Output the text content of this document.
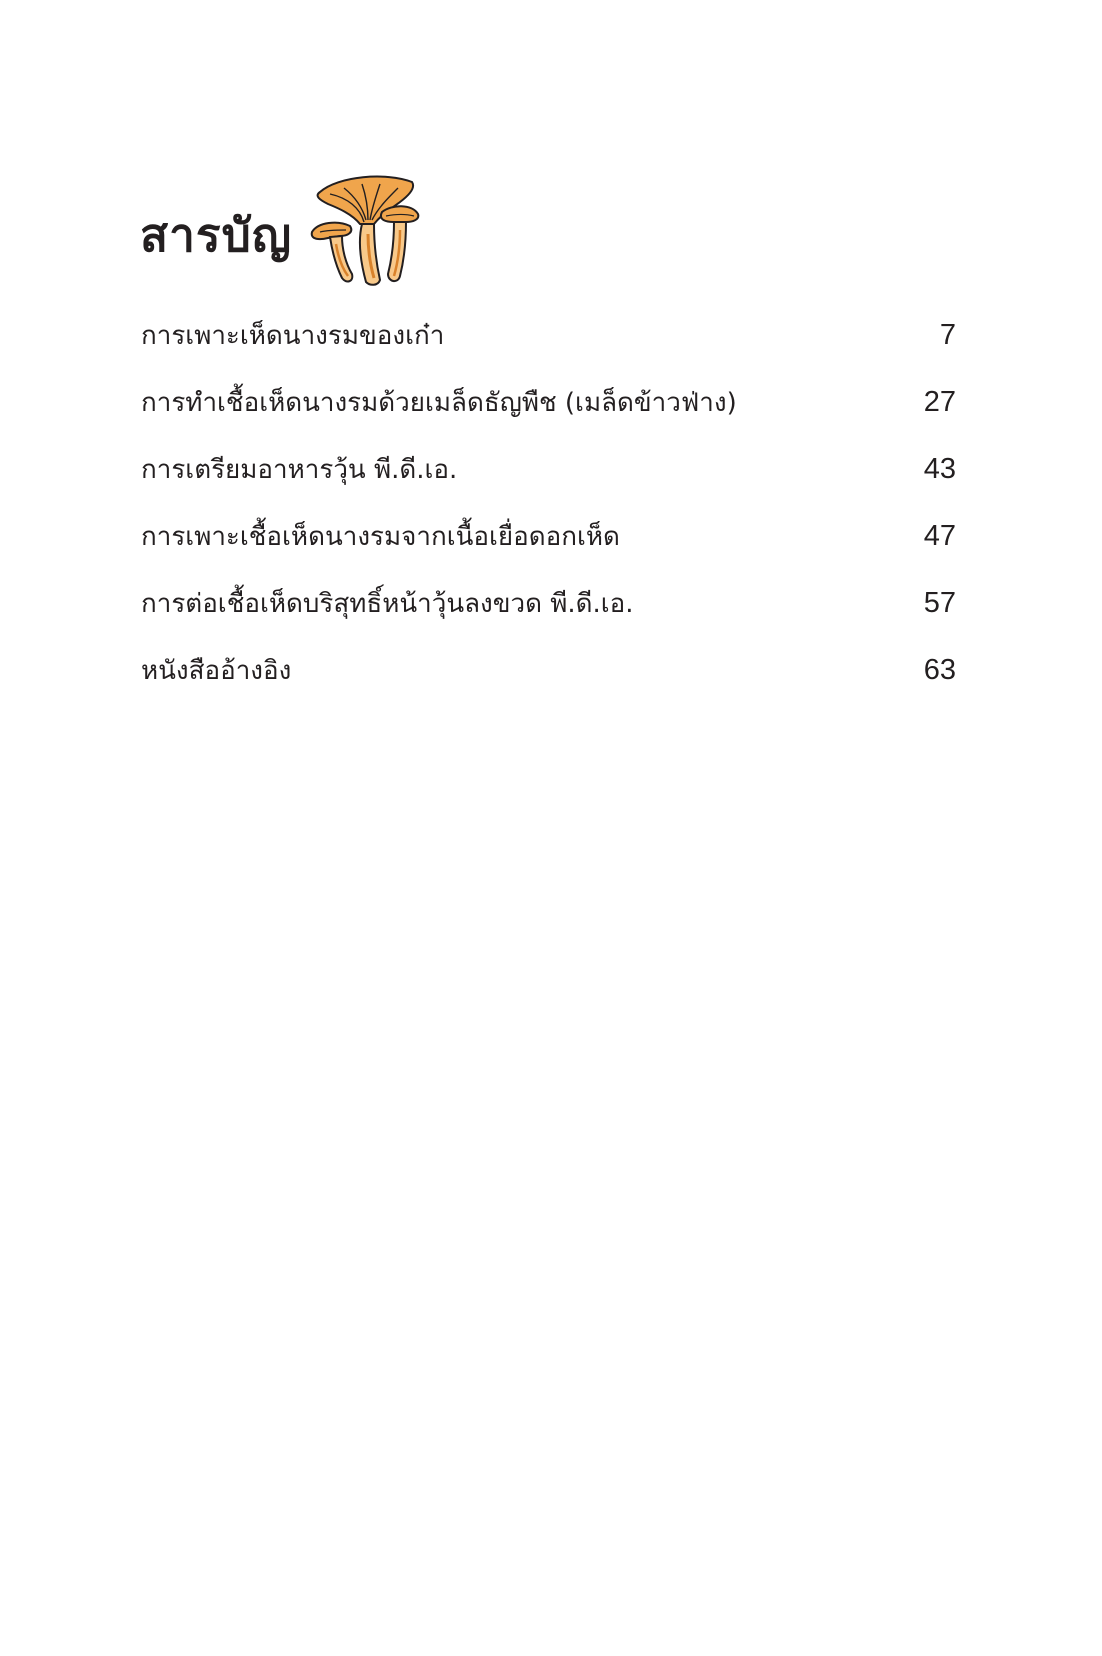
สารบัญ
การเพาะเห็ดนางรมของเก๋า	7
การทำเชื้อเห็ดนางรมด้วยเมล็ดธัญพืช (เมล็ดข้าวฟ่าง)	27
การเตรียมอาหารวุ้น พี.ดี.เอ.	43
การเพาะเชื้อเห็ดนางรมจากเนื้อเยื่อดอกเห็ด	47
การต่อเชื้อเห็ดบริสุทธิ์หน้าวุ้นลงขวด พี.ดี.เอ.	57
หนังสืออ้างอิง	63
